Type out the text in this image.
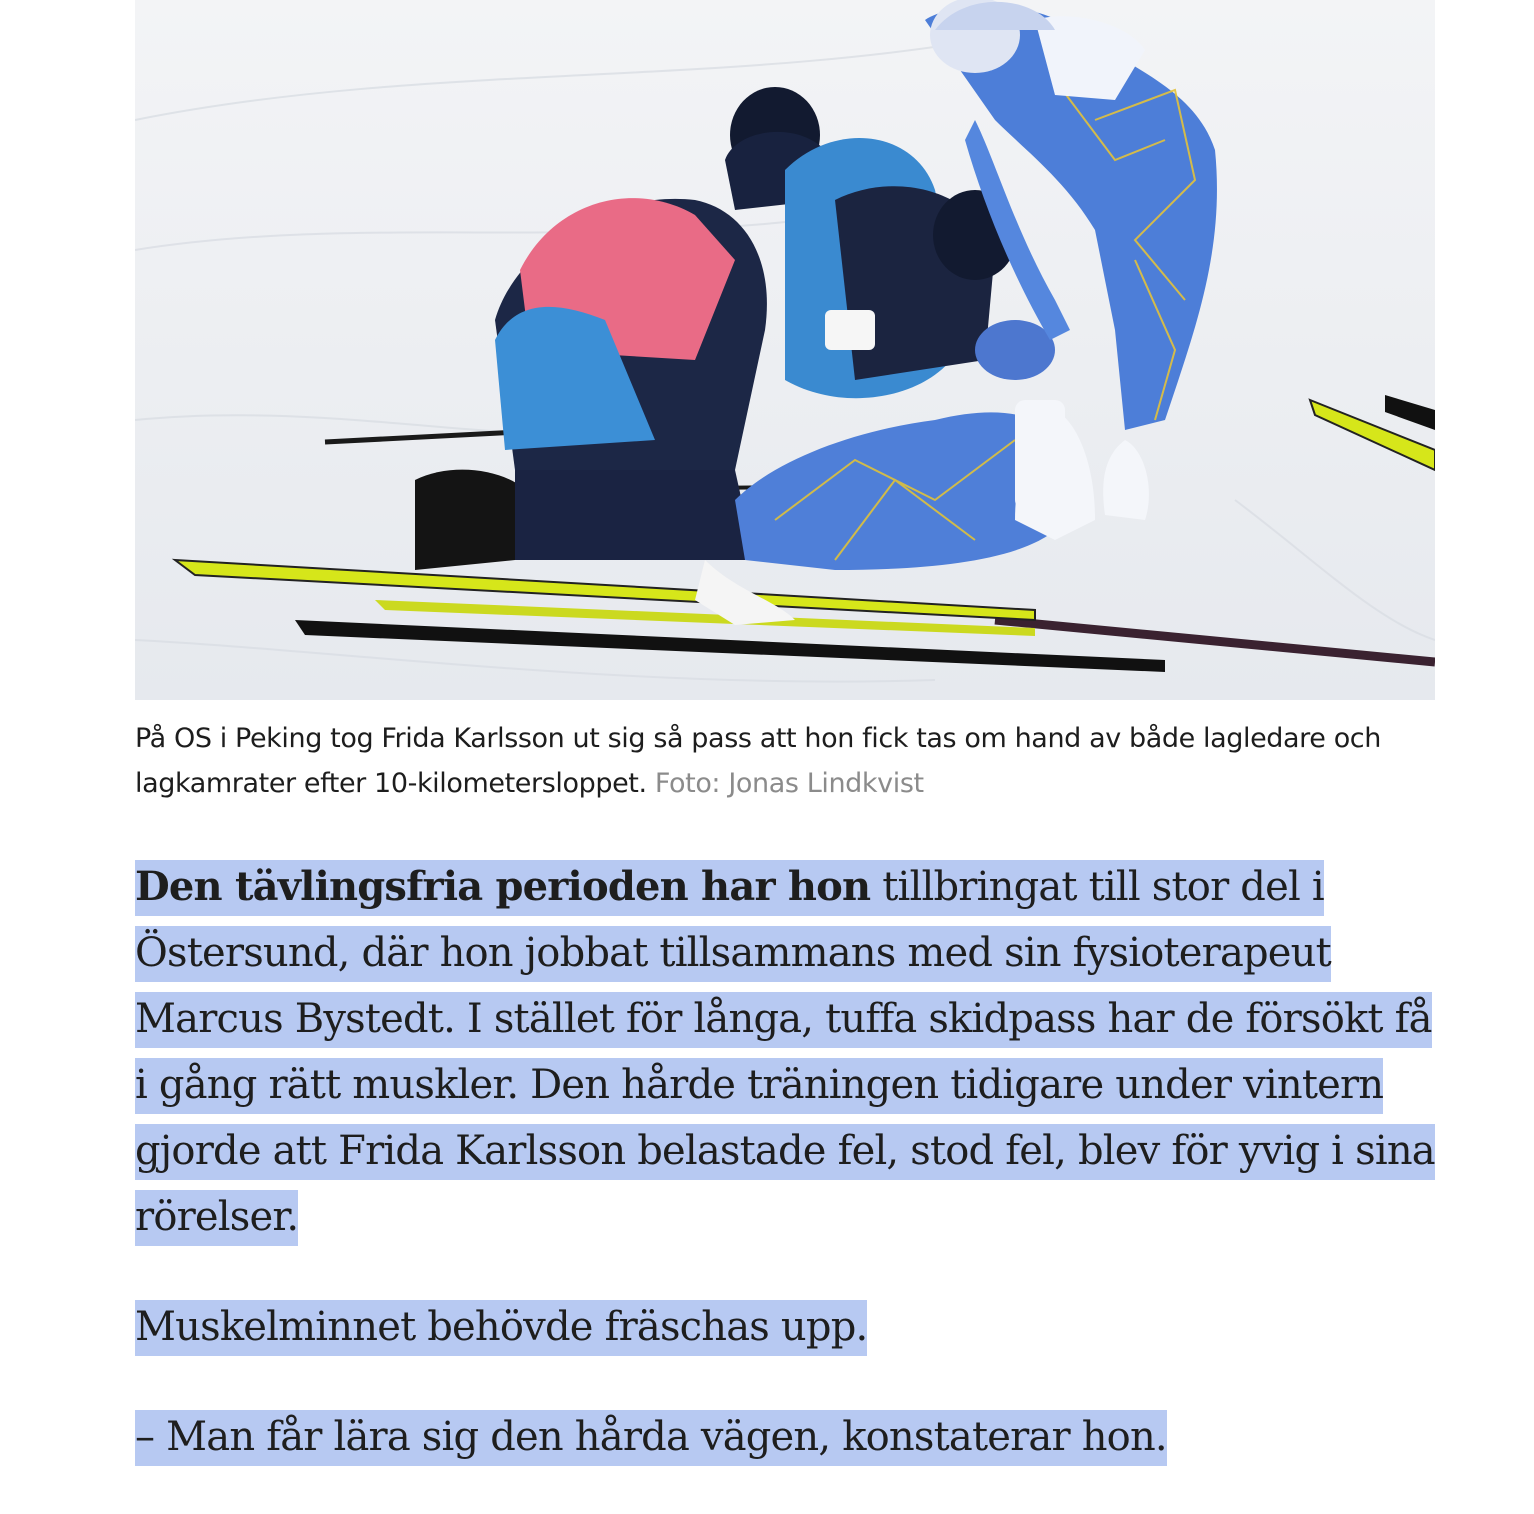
På OS i Peking tog Frida Karlsson ut sig så pass att hon fick tas om hand av både lagledare och lagkamrater efter 10-kilometersloppet. Foto: Jonas Lindkvist

Den tävlingsfria perioden har hon tillbringat till stor del i Östersund, där hon jobbat tillsammans med sin fysioterapeut Marcus Bystedt. I stället för långa, tuffa skidpass har de försökt få i gång rätt muskler. Den hårde träningen tidigare under vintern gjorde att Frida Karlsson belastade fel, stod fel, blev för yvig i sina rörelser.

Muskelminnet behövde fräschas upp.

– Man får lära sig den hårda vägen, konstaterar hon.
